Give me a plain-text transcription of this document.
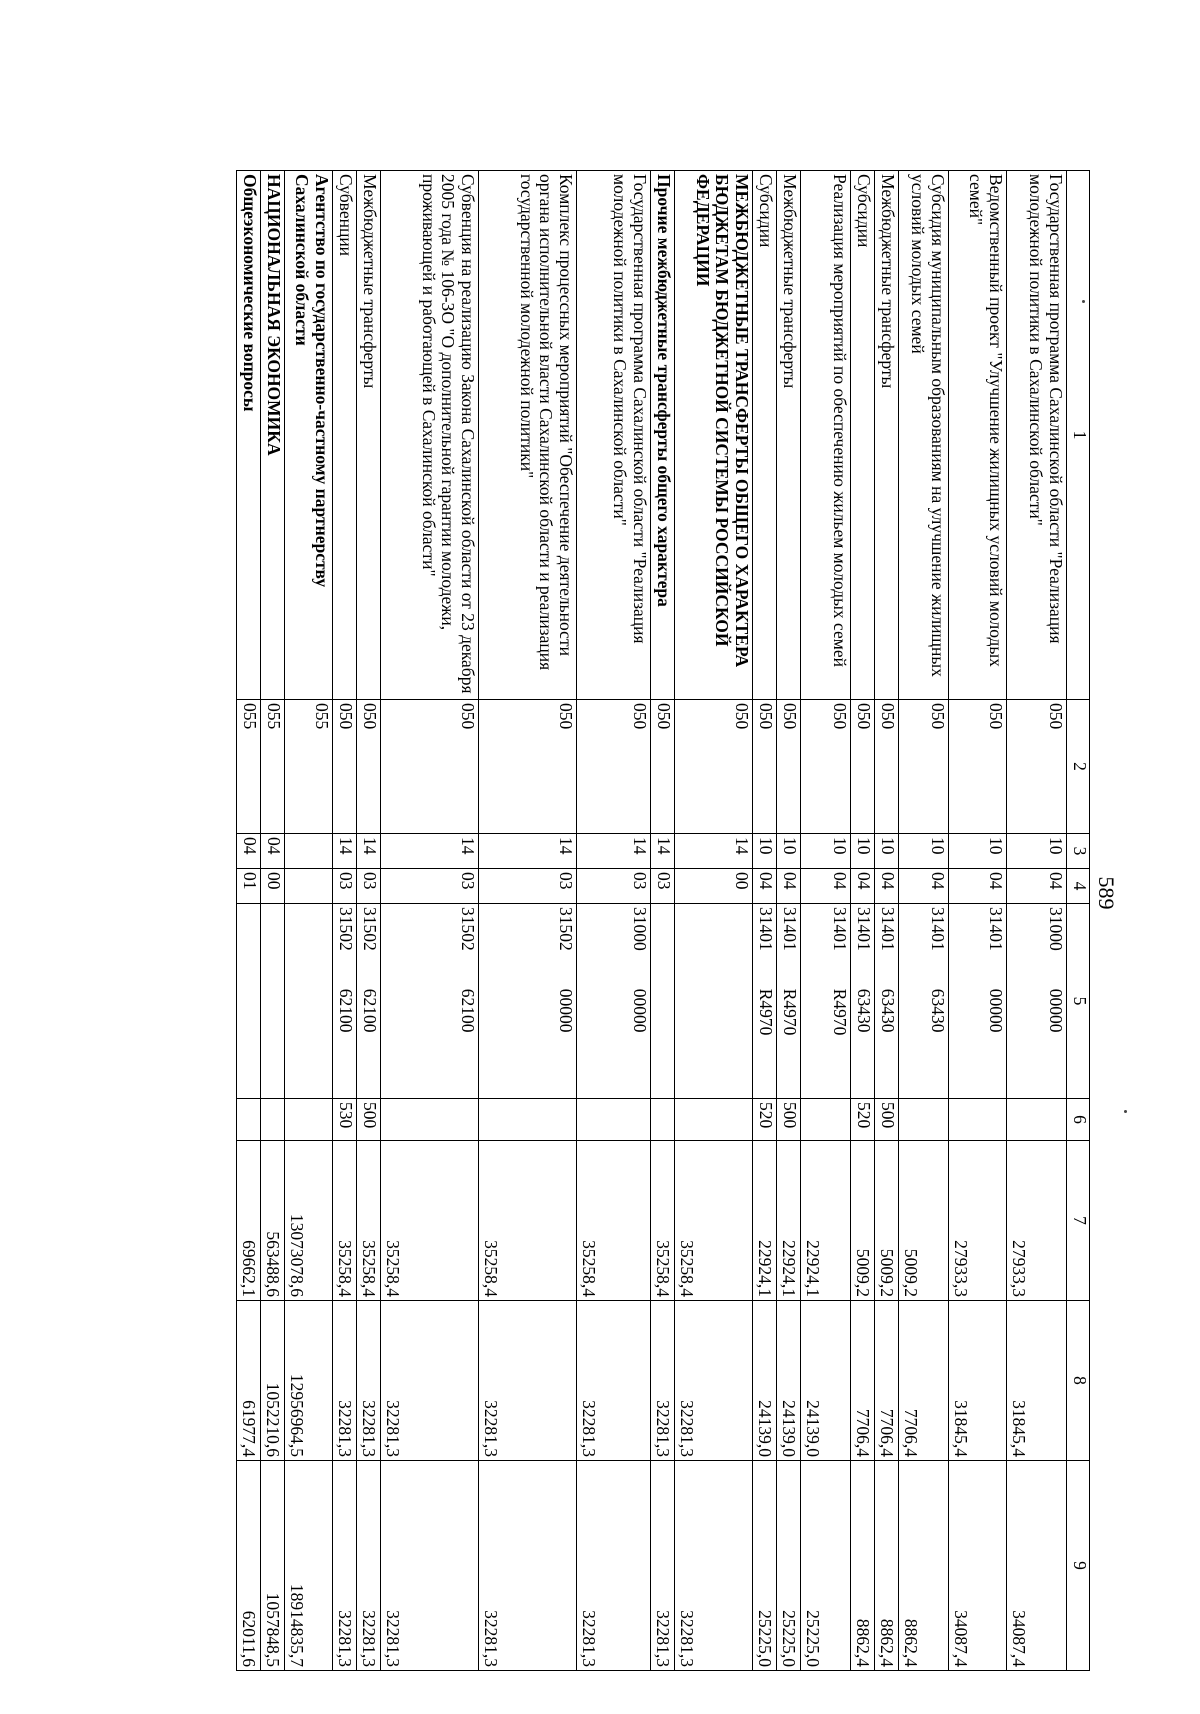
589
1	2	3	4	5	6	7	8	9
Государственная программа Сахалинской области "Реализация молодежной политики в Сахалинской области"	050	10	04	3100000000		27933,3	31845,4	34087,4
Ведомственный проект "Улучшение жилищных условий молодых семей"	050	10	04	3140100000		27933,3	31845,4	34087,4
Субсидия муниципальным образованиям на улучшение жилищных условий молодых семей	050	10	04	3140163430		5009,2	7706,4	8862,4
Межбюджетные трансферты	050	10	04	3140163430	500	5009,2	7706,4	8862,4
Субсидии	050	10	04	3140163430	520	5009,2	7706,4	8862,4
Реализация мероприятий по обеспечению жильем молодых семей	050	10	04	31401R4970		22924,1	24139,0	25225,0
Межбюджетные трансферты	050	10	04	31401R4970	500	22924,1	24139,0	25225,0
Субсидии	050	10	04	31401R4970	520	22924,1	24139,0	25225,0
МЕЖБЮДЖЕТНЫЕ ТРАНСФЕРТЫ ОБЩЕГО ХАРАКТЕРА БЮДЖЕТАМ БЮДЖЕТНОЙ СИСТЕМЫ РОССИЙСКОЙ ФЕДЕРАЦИИ	050	14	00			35258,4	32281,3	32281,3
Прочие межбюджетные трансферты общего характера	050	14	03			35258,4	32281,3	32281,3
Государственная программа Сахалинской области "Реализация молодежной политики в Сахалинской области"	050	14	03	3100000000		35258,4	32281,3	32281,3
Комплекс процессных мероприятий "Обеспечение деятельности органа исполнительной власти Сахалинской области и реализация государственной молодежной политики"	050	14	03	3150200000		35258,4	32281,3	32281,3
Субвенция на реализацию Закона Сахалинской области от 23 декабря 2005 года № 106-ЗО "О дополнительной гарантии молодежи, проживающей и работающей в Сахалинской области"	050	14	03	3150262100		35258,4	32281,3	32281,3
Межбюджетные трансферты	050	14	03	3150262100	500	35258,4	32281,3	32281,3
Субвенции	050	14	03	3150262100	530	35258,4	32281,3	32281,3
Агентство по государственно-частному партнерству Сахалинской области	055					13073078,6	12956964,5	18914835,7
НАЦИОНАЛЬНАЯ ЭКОНОМИКА	055	04	00			563488,6	1052210,6	1057848,5
Общеэкономические вопросы	055	04	01			69662,1	61977,4	62011,6
